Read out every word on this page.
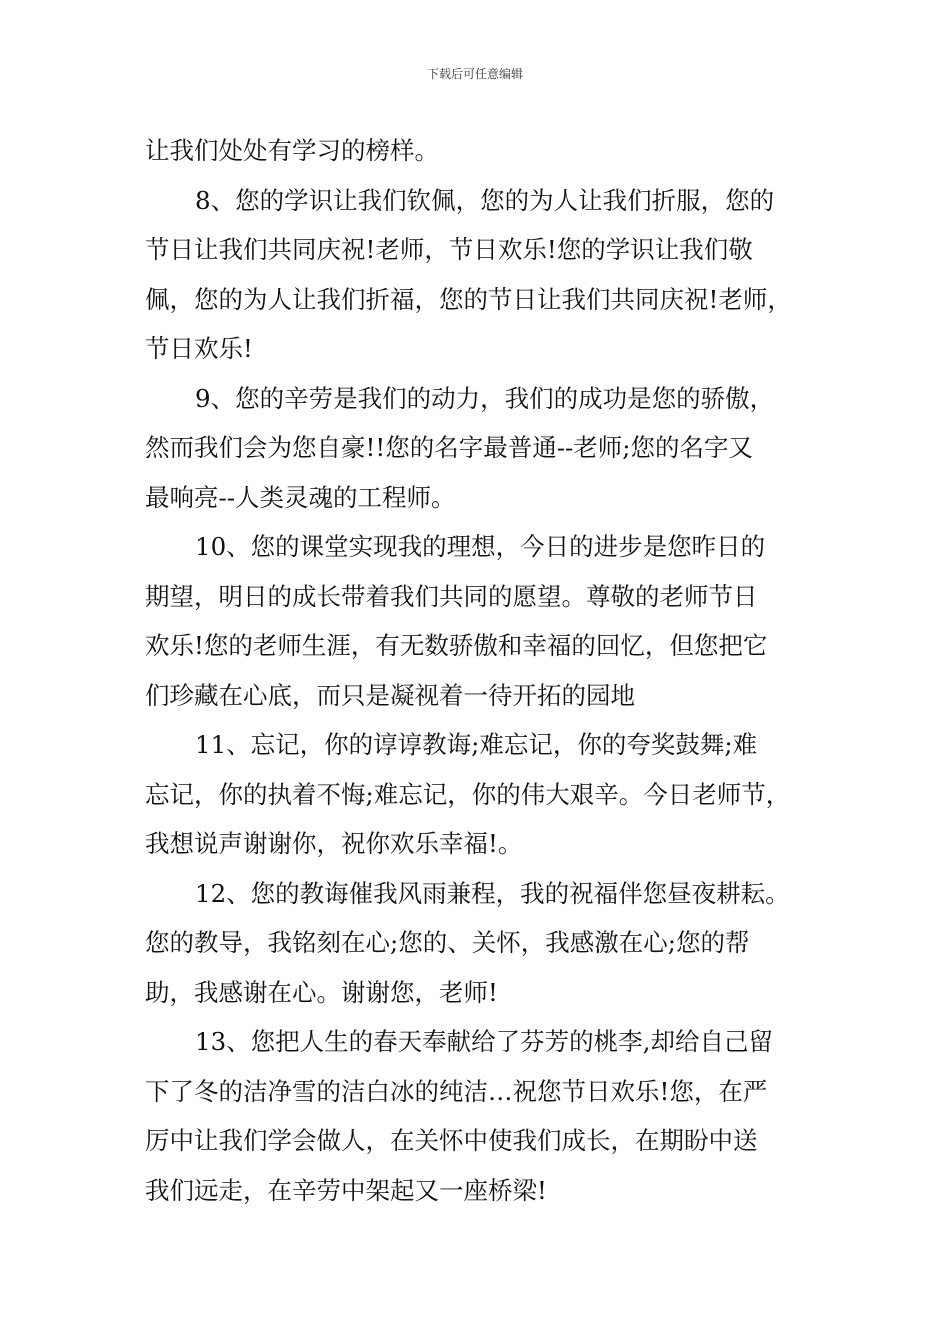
下载后可任意编辑
让我们处处有学习的榜样。
8、您的学识让我们钦佩，您的为人让我们折服，您的
节日让我们共同庆祝!老师，节日欢乐!您的学识让我们敬
佩，您的为人让我们折福，您的节日让我们共同庆祝!老师，
节日欢乐!
9、您的辛劳是我们的动力，我们的成功是您的骄傲，
然而我们会为您自豪!!您的名字最普通--老师;您的名字又
最响亮--人类灵魂的工程师。
10、您的课堂实现我的理想，今日的进步是您昨日的
期望，明日的成长带着我们共同的愿望。尊敬的老师节日
欢乐!您的老师生涯，有无数骄傲和幸福的回忆，但您把它
们珍藏在心底，而只是凝视着一待开拓的园地
11、忘记，你的谆谆教诲;难忘记，你的夸奖鼓舞;难
忘记，你的执着不悔;难忘记，你的伟大艰辛。今日老师节，
我想说声谢谢你，祝你欢乐幸福!。
12、您的教诲催我风雨兼程，我的祝福伴您昼夜耕耘。
您的教导，我铭刻在心;您的、关怀，我感激在心;您的帮
助，我感谢在心。谢谢您，老师!
13、您把人生的春天奉献给了芬芳的桃李,却给自己留
下了冬的洁净雪的洁白冰的纯洁…祝您节日欢乐!您，在严
厉中让我们学会做人，在关怀中使我们成长，在期盼中送
我们远走，在辛劳中架起又一座桥梁!
